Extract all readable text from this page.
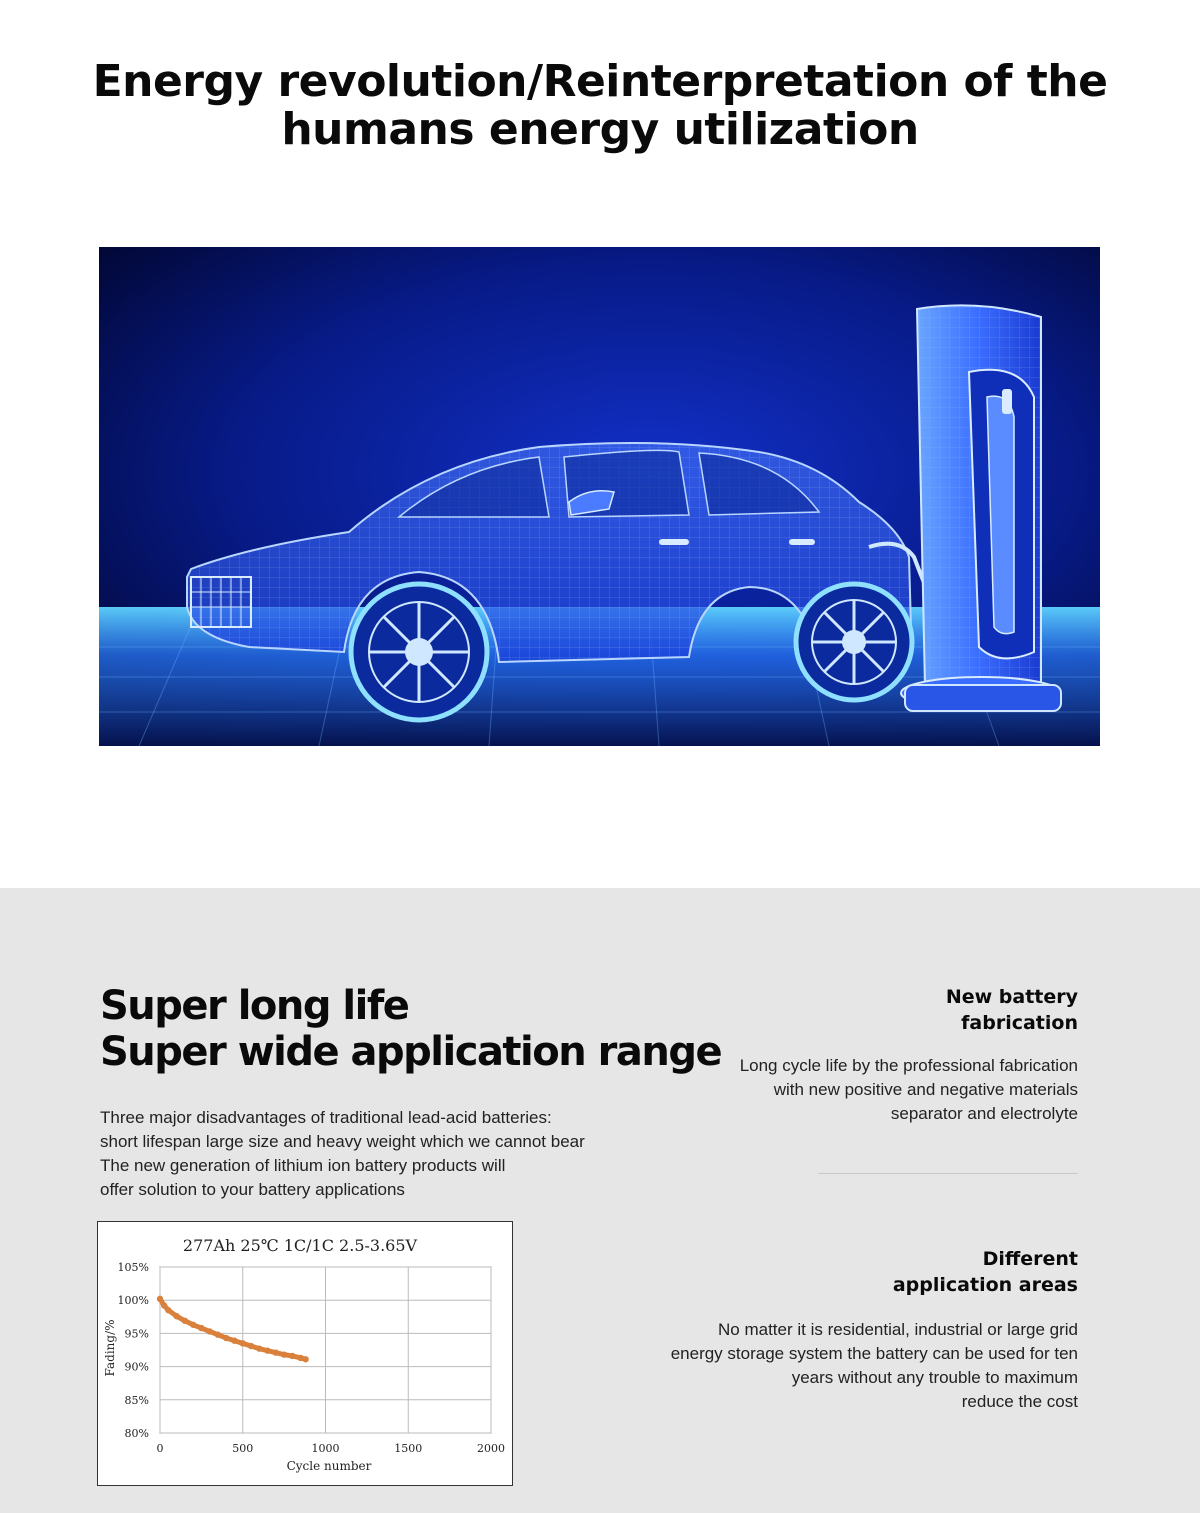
Energy revolution/Reinterpretation of the
humans energy utilization
Super long life
Super wide application range

Three major disadvantages of traditional lead-acid batteries:
short lifespan large size and heavy weight which we cannot bear
The new generation of lithium ion battery products will
offer solution to your battery applications

New battery
fabrication

Long cycle life by the professional fabrication
with new positive and negative materials
separator and electrolyte

Different
application areas

No matter it is residential, industrial or large grid
energy storage system the battery can be used for ten
years without any trouble to maximum
reduce the cost

277Ah 25℃ 1C/1C 2.5-3.65V
80%
85%
90%
95%
100%
105%
0	500	1000	1500	2000
Cycle number
Fading/%
